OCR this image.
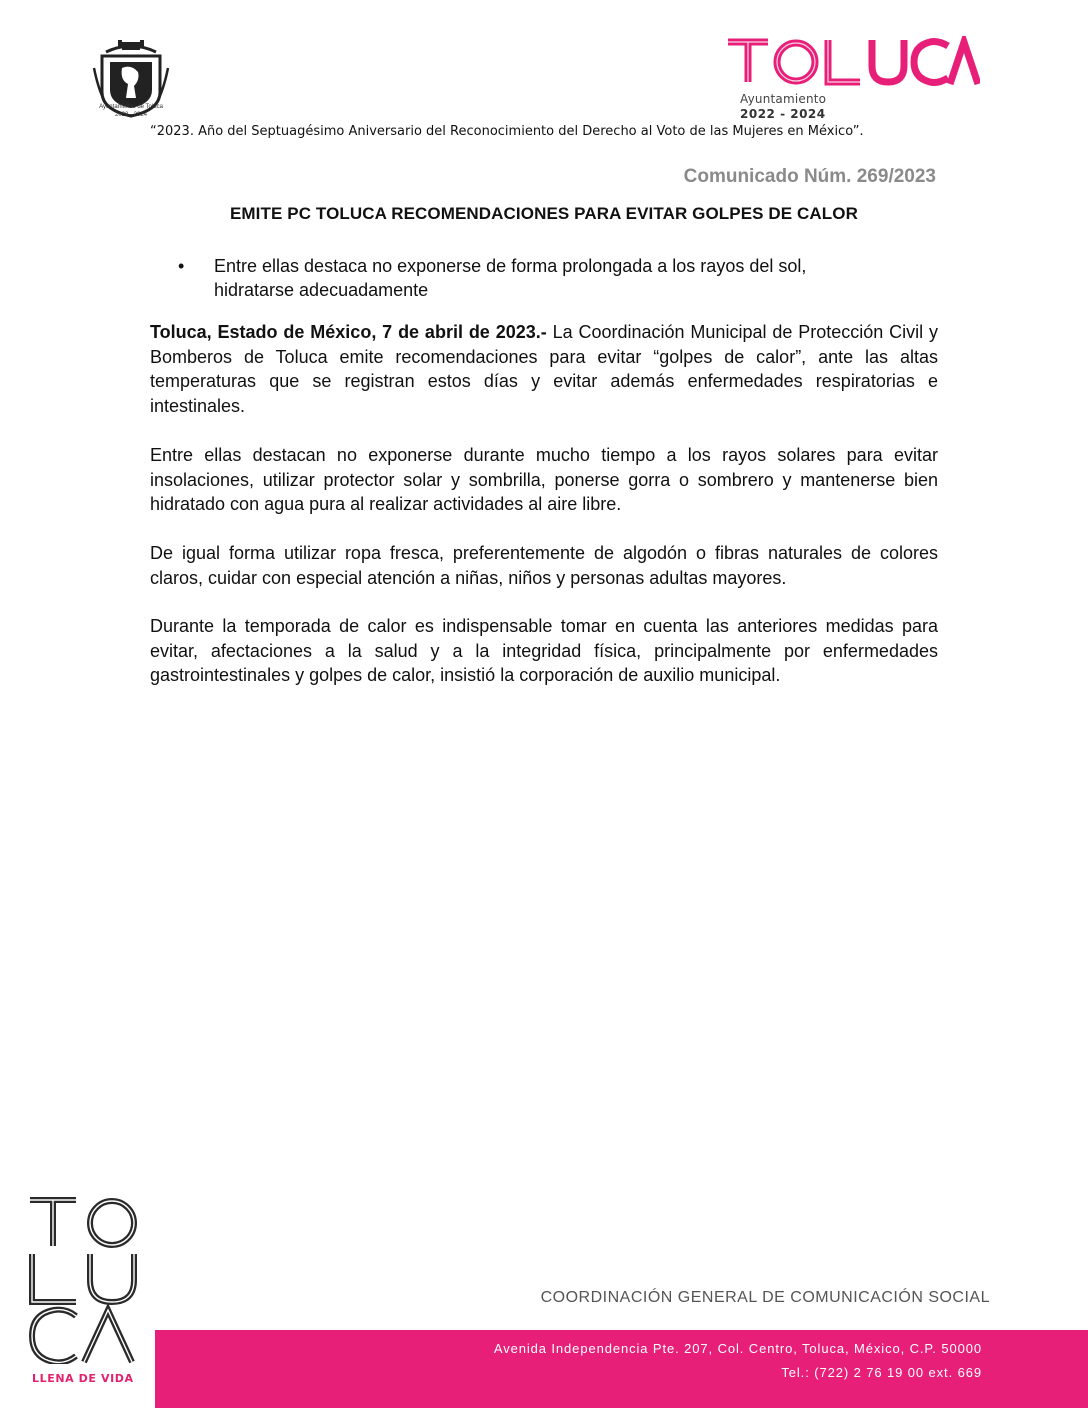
Ayuntamiento de Toluca
2022 - 2024
Ayuntamiento
2022 - 2024
“2023. Año del Septuagésimo Aniversario del Reconocimiento del Derecho al Voto de las Mujeres en México”.
Comunicado Núm. 269/2023
EMITE PC TOLUCA RECOMENDACIONES PARA EVITAR GOLPES DE CALOR
•	Entre ellas destaca no exponerse de forma prolongada a los rayos del sol, hidratarse adecuadamente

Toluca, Estado de México, 7 de abril de 2023.- La Coordinación Municipal de Protección Civil y Bomberos de Toluca emite recomendaciones para evitar “golpes de calor”, ante las altas temperaturas que se registran estos días y evitar además enfermedades respiratorias e intestinales.

Entre ellas destacan no exponerse durante mucho tiempo a los rayos solares para evitar insolaciones, utilizar protector solar y sombrilla, ponerse gorra o sombrero y mantenerse bien hidratado con agua pura al realizar actividades al aire libre.

De igual forma utilizar ropa fresca, preferentemente de algodón o fibras naturales de colores claros, cuidar con especial atención a niñas, niños y personas adultas mayores.

Durante la temporada de calor es indispensable tomar en cuenta las anteriores medidas para evitar, afectaciones a la salud y a la integridad física, principalmente por enfermedades gastrointestinales y golpes de calor, insistió la corporación de auxilio municipal.

LLENA DE VIDA
COORDINACIÓN GENERAL DE COMUNICACIÓN SOCIAL
Avenida Independencia Pte. 207, Col. Centro, Toluca, México, C.P. 50000
Tel.: (722) 2 76 19 00 ext. 669
